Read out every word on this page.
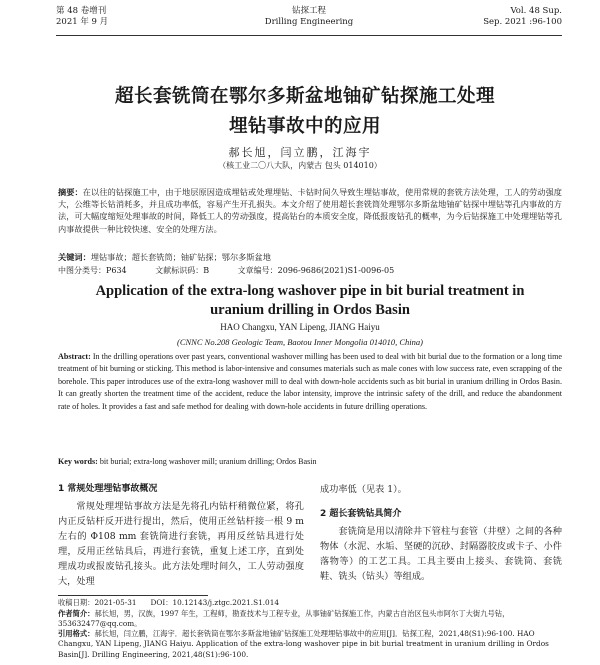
第 48 卷增刊
2021 年 9 月
钻探工程
Drilling Engineering
Vol. 48 Sup.
Sep. 2021 :96-100
超长套铣筒在鄂尔多斯盆地铀矿钻探施工处理
埋钻事故中的应用
郝长旭，闫立鹏，江海宇
（核工业二〇八大队，内蒙古 包头 014010）
摘要：在以往的钻探施工中，由于地层原因造成埋钻或处理埋钻、卡钻时间久导致生埋钻事故，使用常规的套铣方法处理，工人的劳动强度大，公维等长钻消耗多，并且成功率低，容易产生开孔损失。本文介绍了使用超长套铣筒处理鄂尔多斯盆地铀矿钻探中埋钻等孔内事故的方法，可大幅度缩短处理事故的时间，降低工人的劳动强度，提高钻台的本质安全度，降低报废钻孔的概率，为今后钻探施工中处理埋钻等孔内事故提供一种比较快速、安全的处理方法。
关键词：埋钻事故；超长套铣筒；铀矿钻探；鄂尔多斯盆地
中图分类号：P634	文献标识码：B	文章编号：2096-9686(2021)S1-0096-05
Application of the extra-long washover pipe in bit burial treatment in
uranium drilling in Ordos Basin
HAO Changxu, YAN Lipeng, JIANG Haiyu
(CNNC No.208 Geologic Team, Baotou Inner Mongolia 014010, China)
Abstract: In the drilling operations over past years, conventional washover milling has been used to deal with bit burial due to the formation or a long time treatment of bit burning or sticking. This method is labor-intensive and consumes materials such as male cones with low success rate, even scrapping of the borehole. This paper introduces use of the extra-long washover mill to deal with down-hole accidents such as bit burial in uranium drilling in Ordos Basin. It can greatly shorten the treatment time of the accident, reduce the labor intensity, improve the intrinsic safety of the drill, and reduce the abandonment rate of holes. It provides a fast and safe method for dealing with down-hole accidents in future drilling operations.
Key words: bit burial; extra-long washover mill; uranium drilling; Ordos Basin
1 常规处理埋钻事故概况

常规处理埋钻事故方法是先将孔内钻杆稍微位紧，将孔内正反钻杆反开进行提出，然后，使用正丝钻杆接一根 9 m 左右的 Φ108 mm 套铣筒进行套铣，再用反丝钻具进行处理，反用正丝钻具后，再进行套铣，重复上述工序，直到处理成功或报废钻孔接头。此方法处理时间久，工人劳动强度大，处理

成功率低（见表 1）。

2 超长套铣钻具简介

套铣筒是用以清除井下管柱与套管（井壁）之间的各种物体（水泥、水垢、坚硬的沉砂、封隔器胶皮或卡子、小件落物等）的工艺工具。工具主要由上接头、套铣筒、套铣鞋、铣头（钻头）等组成。

收稿日期：2021-05-31 DOI：10.12143/j.ztgc.2021.S1.014
作者简介：郝长旭，男，汉族，1997 年生，工程师，勘查技术与工程专业，从事铀矿钻探施工作，内蒙古自治区包头市阿尔丁大街九号钻，353632477@qq.com。
引用格式：郝长旭，闫立鹏，江海宇．超长套铣筒在鄂尔多斯盆地铀矿钻探施工处理埋钻事故中的应用[J]．钻探工程，2021,48(S1):96-100. HAO Changxu, YAN Lipeng, JIANG Haiyu. Application of the extra-long washover pipe in bit burial treatment in uranium drilling in Ordos Basin[J]. Drilling Engineering, 2021,48(S1):96-100.
